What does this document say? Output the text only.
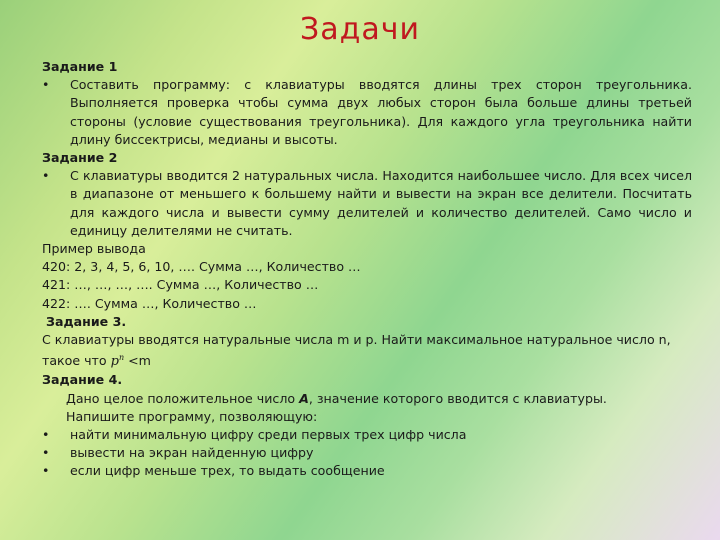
Задачи
Задание 1
•	Составить программу: с клавиатуры вводятся длины трех сторон треугольника. Выполняется проверка чтобы сумма двух любых сторон была больше длины третьей стороны (условие существования треугольника). Для каждого угла треугольника найти длину биссектрисы, медианы и высоты.
Задание 2
•	С клавиатуры вводится 2 натуральных числа. Находится наибольшее число. Для всех чисел в диапазоне от меньшего к большему найти и вывести на экран все делители. Посчитать для каждого числа и вывести сумму делителей и количество делителей. Само число и единицу делителями не считать.
Пример вывода
420: 2, 3, 4, 5, 6, 10, …. Сумма …, Количество …
421: …, …, …, …. Сумма …, Количество …
422: …. Сумма …, Количество …
Задание 3.
С клавиатуры вводятся натуральные числа m и p. Найти максимальное натуральное число n,
такое что $p^n <m$
Задание 4.
Дано целое положительное число A, значение которого вводится с клавиатуры.
Напишите программу, позволяющую:
•	найти минимальную цифру среди первых трех цифр числа
•	вывести на экран найденную цифру
•	если цифр меньше трех, то выдать сообщение
